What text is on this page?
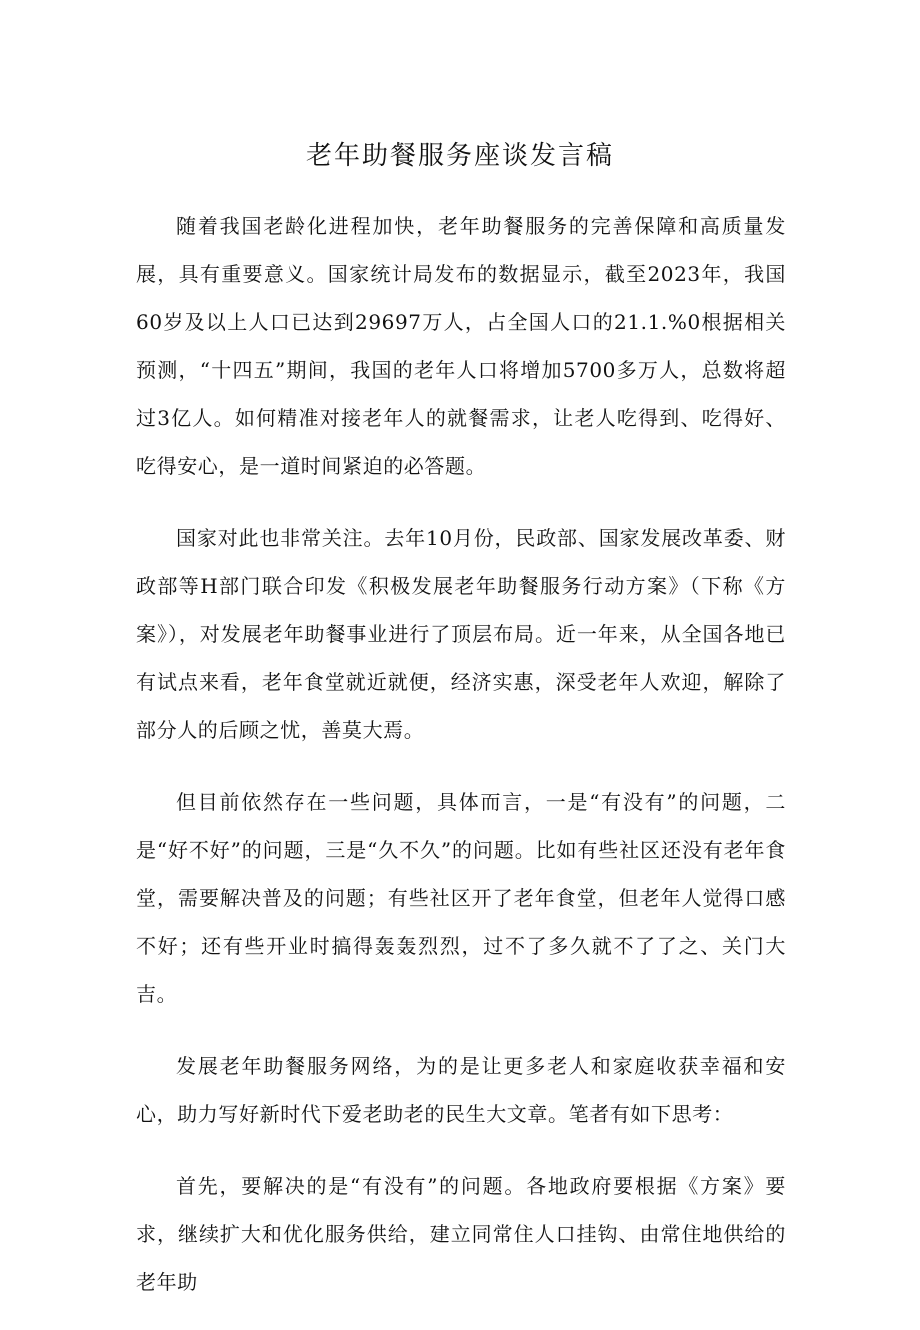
老年助餐服务座谈发言稿

随着我国老龄化进程加快，老年助餐服务的完善保障和高质量发展，具有重要意义。国家统计局发布的数据显示，截至2023年，我国60岁及以上人口已达到29697万人，占全国人口的21.1.%0根据相关预测，“十四五”期间，我国的老年人口将增加5700多万人，总数将超过3亿人。如何精准对接老年人的就餐需求，让老人吃得到、吃得好、吃得安心，是一道时间紧迫的必答题。

国家对此也非常关注。去年10月份，民政部、国家发展改革委、财政部等H部门联合印发《积极发展老年助餐服务行动方案》（下称《方案》），对发展老年助餐事业进行了顶层布局。近一年来，从全国各地已有试点来看，老年食堂就近就便，经济实惠，深受老年人欢迎，解除了部分人的后顾之忧，善莫大焉。

但目前依然存在一些问题，具体而言，一是“有没有”的问题，二是“好不好”的问题，三是“久不久”的问题。比如有些社区还没有老年食堂，需要解决普及的问题；有些社区开了老年食堂，但老年人觉得口感不好；还有些开业时搞得轰轰烈烈，过不了多久就不了了之、关门大吉。

发展老年助餐服务网络，为的是让更多老人和家庭收获幸福和安心，助力写好新时代下爱老助老的民生大文章。笔者有如下思考：

首先，要解决的是“有没有”的问题。各地政府要根据《方案》要求，继续扩大和优化服务供给，建立同常住人口挂钩、由常住地供给的老年助
